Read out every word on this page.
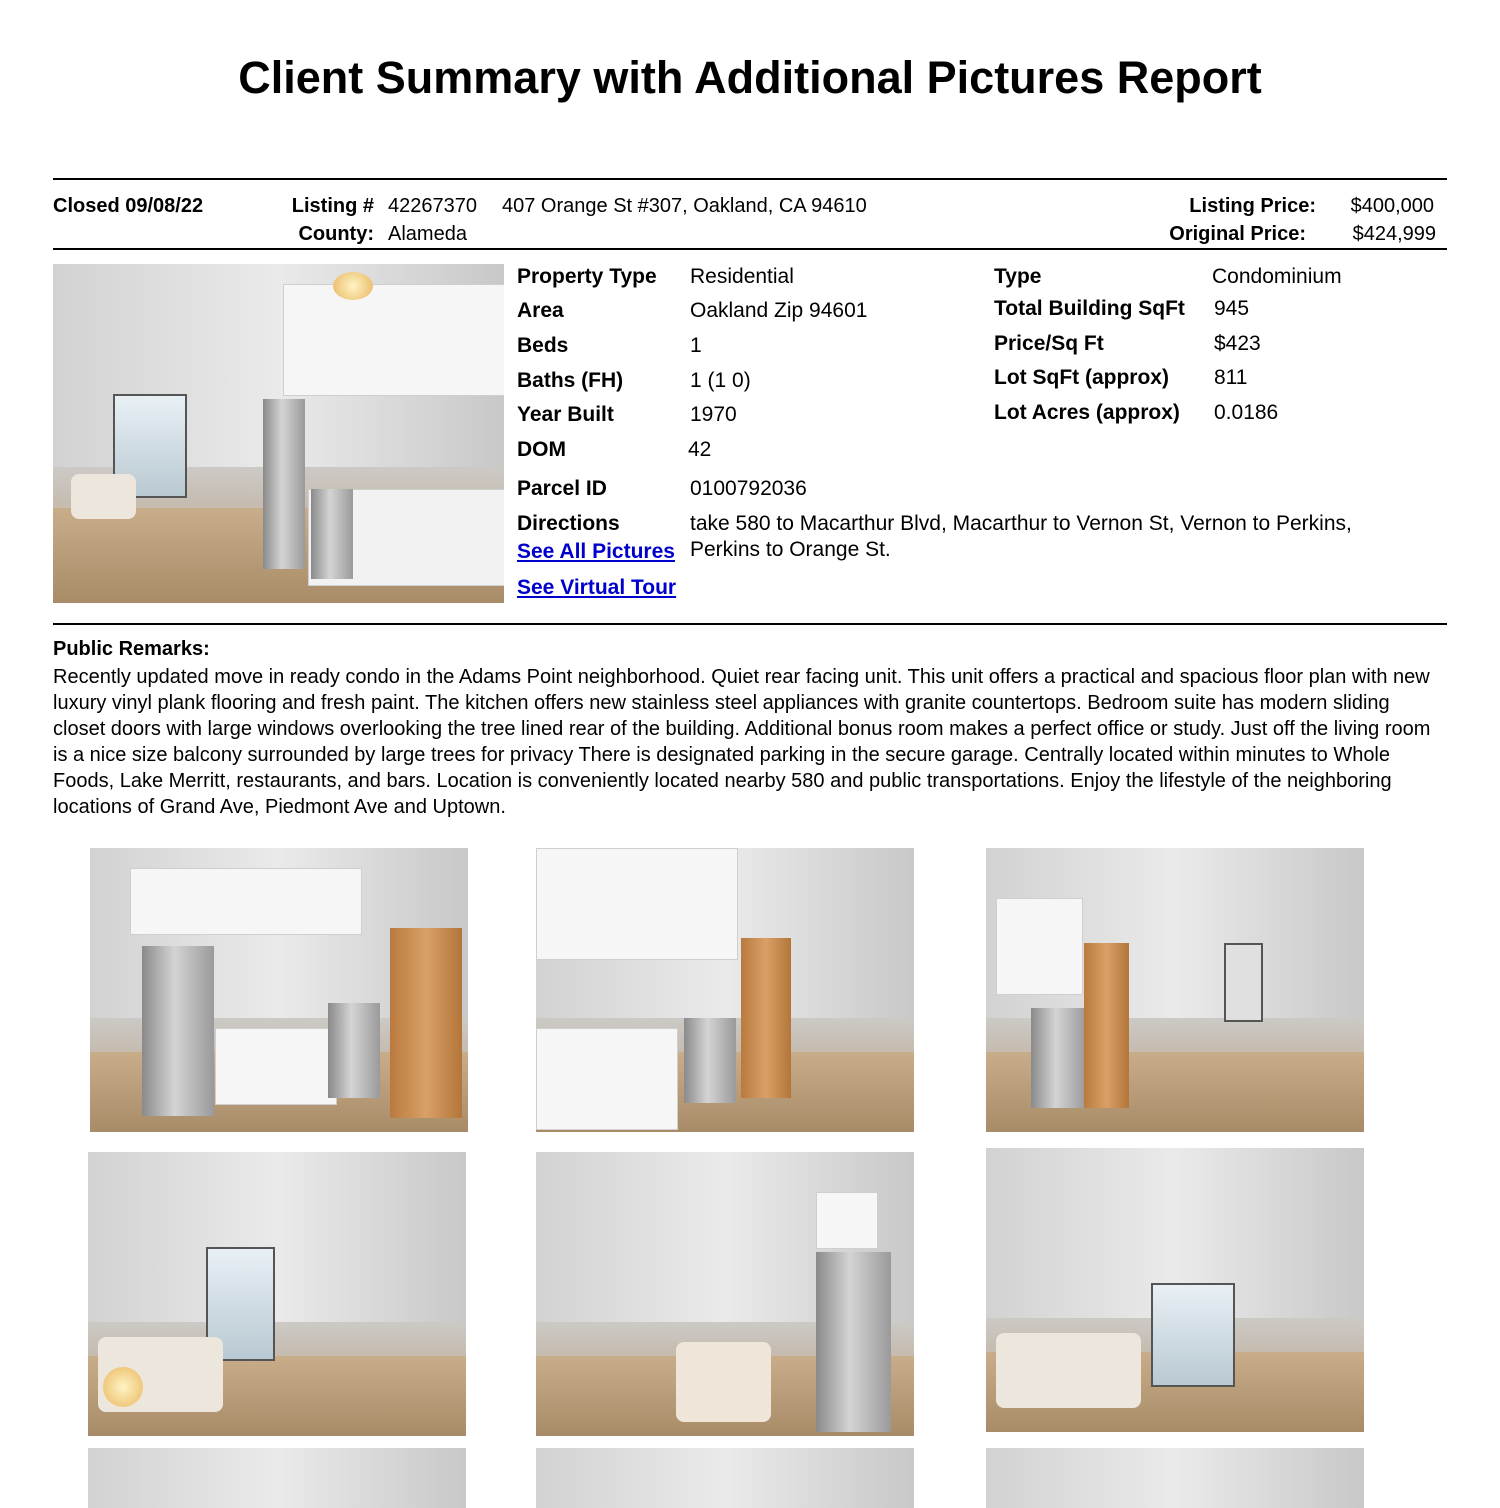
Client Summary with Additional Pictures Report
Closed 09/08/22	Listing # 42267370 407 Orange St #307, Oakland, CA 94610
County: Alameda
Listing Price:	$400,000
Original Price:	$424,999
Property Type Residential
Area	Oakland Zip 94601
Beds	1
Baths (FH)	1 (1 0)
Year Built	1970
DOM	42
Parcel ID	0100792036
Type	Condominium
Total Building SqFt 945
Price/Sq Ft	$423
Lot SqFt (approx) 811
Lot Acres (approx) 0.0186
Directions	take 580 to Macarthur Blvd, Macarthur to Vernon St, Vernon to Perkins,
Perkins to Orange St.
See All Pictures
See Virtual Tour
Public Remarks:
Recently updated move in ready condo in the Adams Point neighborhood. Quiet rear facing unit. This unit offers a practical and spacious floor plan with new luxury vinyl plank flooring and fresh paint. The kitchen offers new stainless steel appliances with granite countertops. Bedroom suite has modern sliding closet doors with large windows overlooking the tree lined rear of the building. Additional bonus room makes a perfect office or study. Just off the living room is a nice size balcony surrounded by large trees for privacy There is designated parking in the secure garage. Centrally located within minutes to Whole Foods, Lake Merritt, restaurants, and bars. Location is conveniently located nearby 580 and public transportations. Enjoy the lifestyle of the neighboring locations of Grand Ave, Piedmont Ave and Uptown.
